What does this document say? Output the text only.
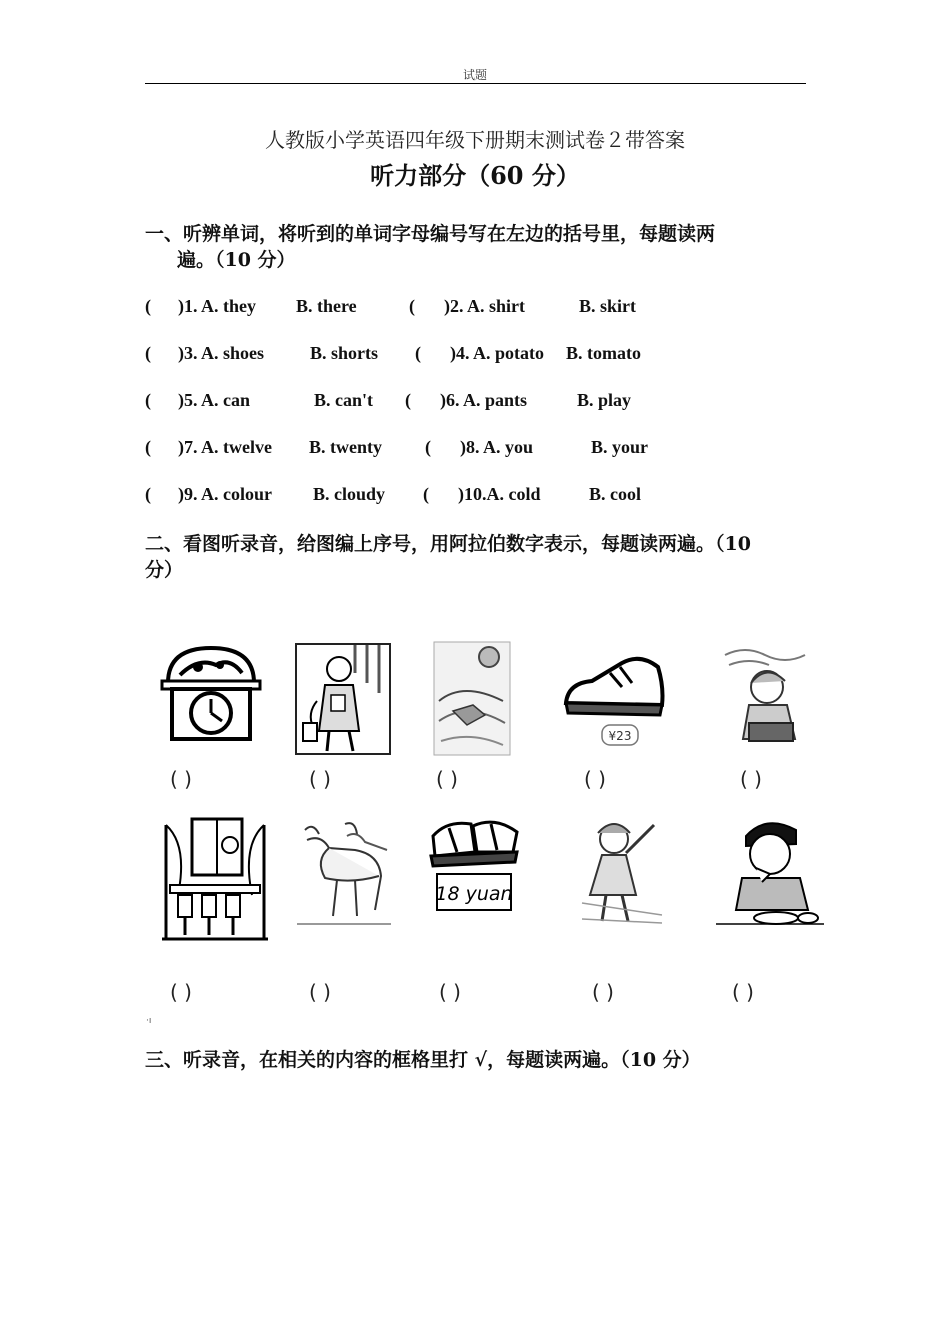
试题
人教版小学英语四年级下册期末测试卷２带答案
听力部分（60 分）
一、听辨单词，将听到的单词字母编号写在左边的括号里，每题读两
遍。（10 分）
( )1. A. they B. there	( )2. A. shirt	B. skirt
( )3. A. shoes	B. shorts ( )4. A. potato B. tomato
( )5. A. can	B. can't ( )6. A. pants	B. play
( )7. A. twelve B. twenty ( )8. A. you	B. your
( )9. A. colour B. cloudy ( )10.A. cold	B. cool
二、看图听录音，给图编上序号，用阿拉伯数字表示，每题读两遍。（10
分）
¥23
( )	( )	( )	( )	( )
18 yuan
( )	( )	( )	( )	( )
·ı
三、听录音，在相关的内容的框格里打 √，每题读两遍。（10 分）
